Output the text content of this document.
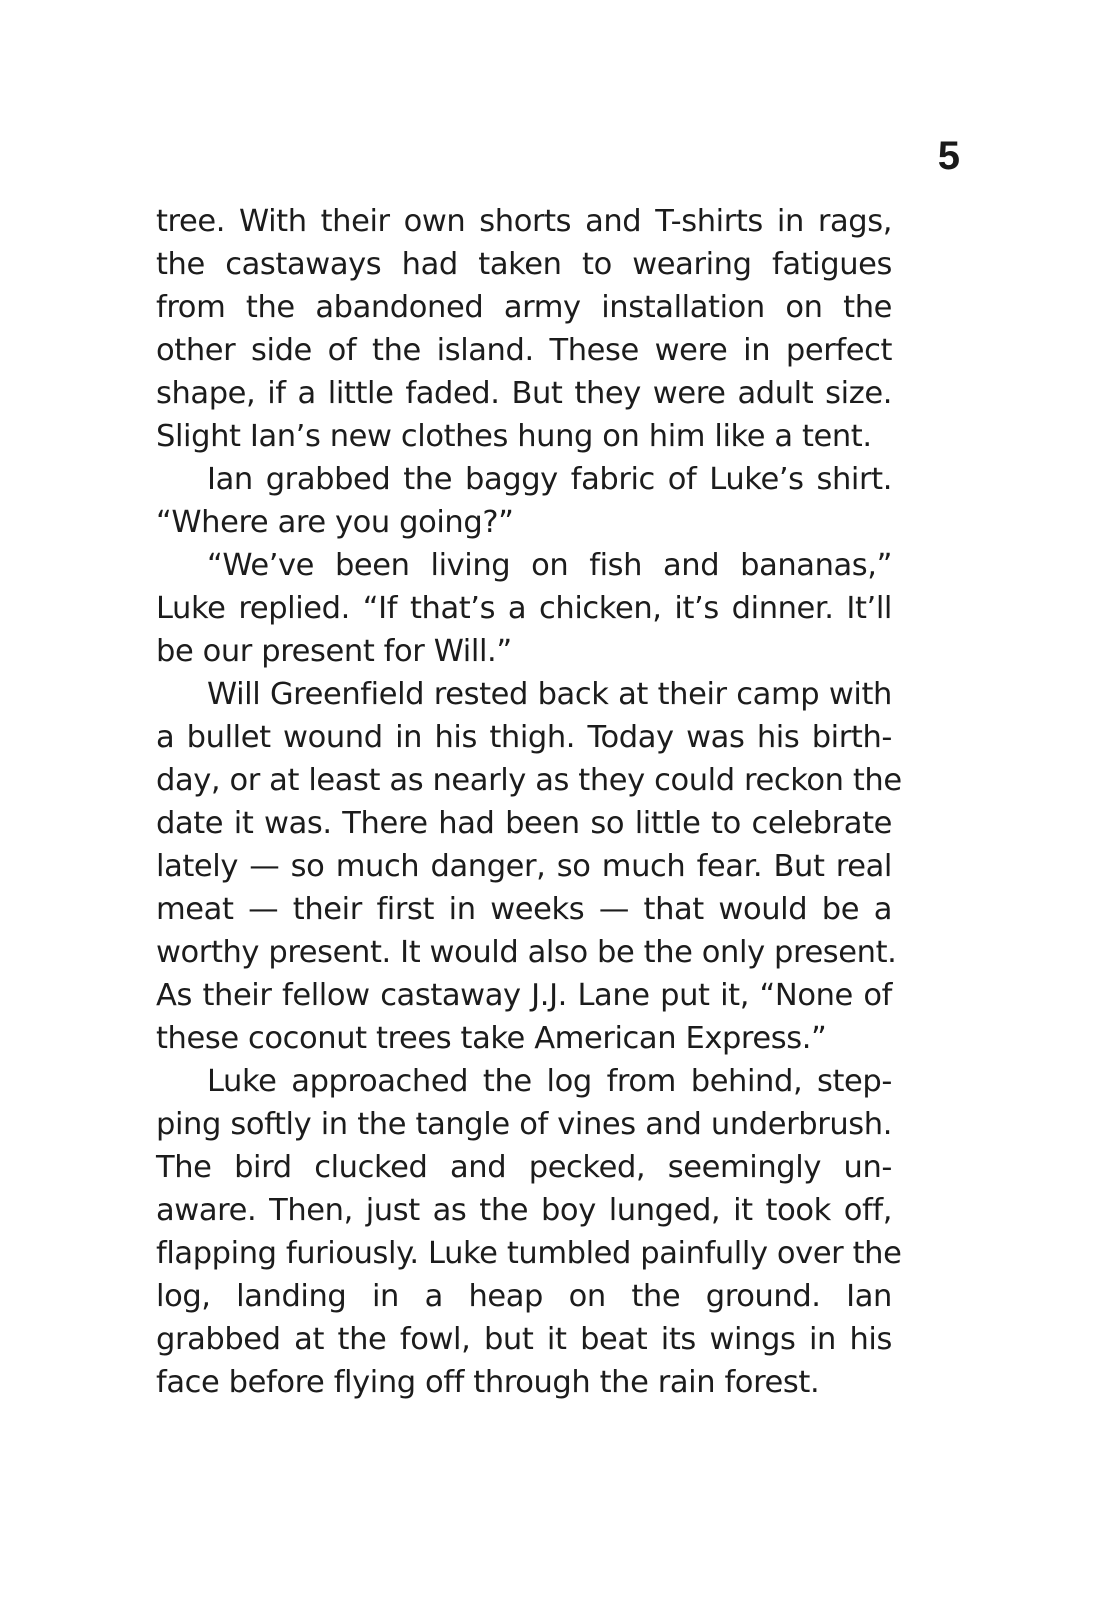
5
tree. With their own shorts and T-shirts in rags,
the castaways had taken to wearing fatigues
from the abandoned army installation on the
other side of the island. These were in perfect
shape, if a little faded. But they were adult size.
Slight Ian’s new clothes hung on him like a tent.
Ian grabbed the baggy fabric of Luke’s shirt.
“Where are you going?”
“We’ve been living on fish and bananas,”
Luke replied. “If that’s a chicken, it’s dinner. It’ll
be our present for Will.”
Will Greenfield rested back at their camp with
a bullet wound in his thigh. Today was his birth-
day, or at least as nearly as they could reckon the
date it was. There had been so little to celebrate
lately — so much danger, so much fear. But real
meat — their first in weeks — that would be a
worthy present. It would also be the only present.
As their fellow castaway J.J. Lane put it, “None of
these coconut trees take American Express.”
Luke approached the log from behind, step-
ping softly in the tangle of vines and underbrush.
The bird clucked and pecked, seemingly un-
aware. Then, just as the boy lunged, it took off,
flapping furiously. Luke tumbled painfully over the
log, landing in a heap on the ground. Ian
grabbed at the fowl, but it beat its wings in his
face before flying off through the rain forest.
